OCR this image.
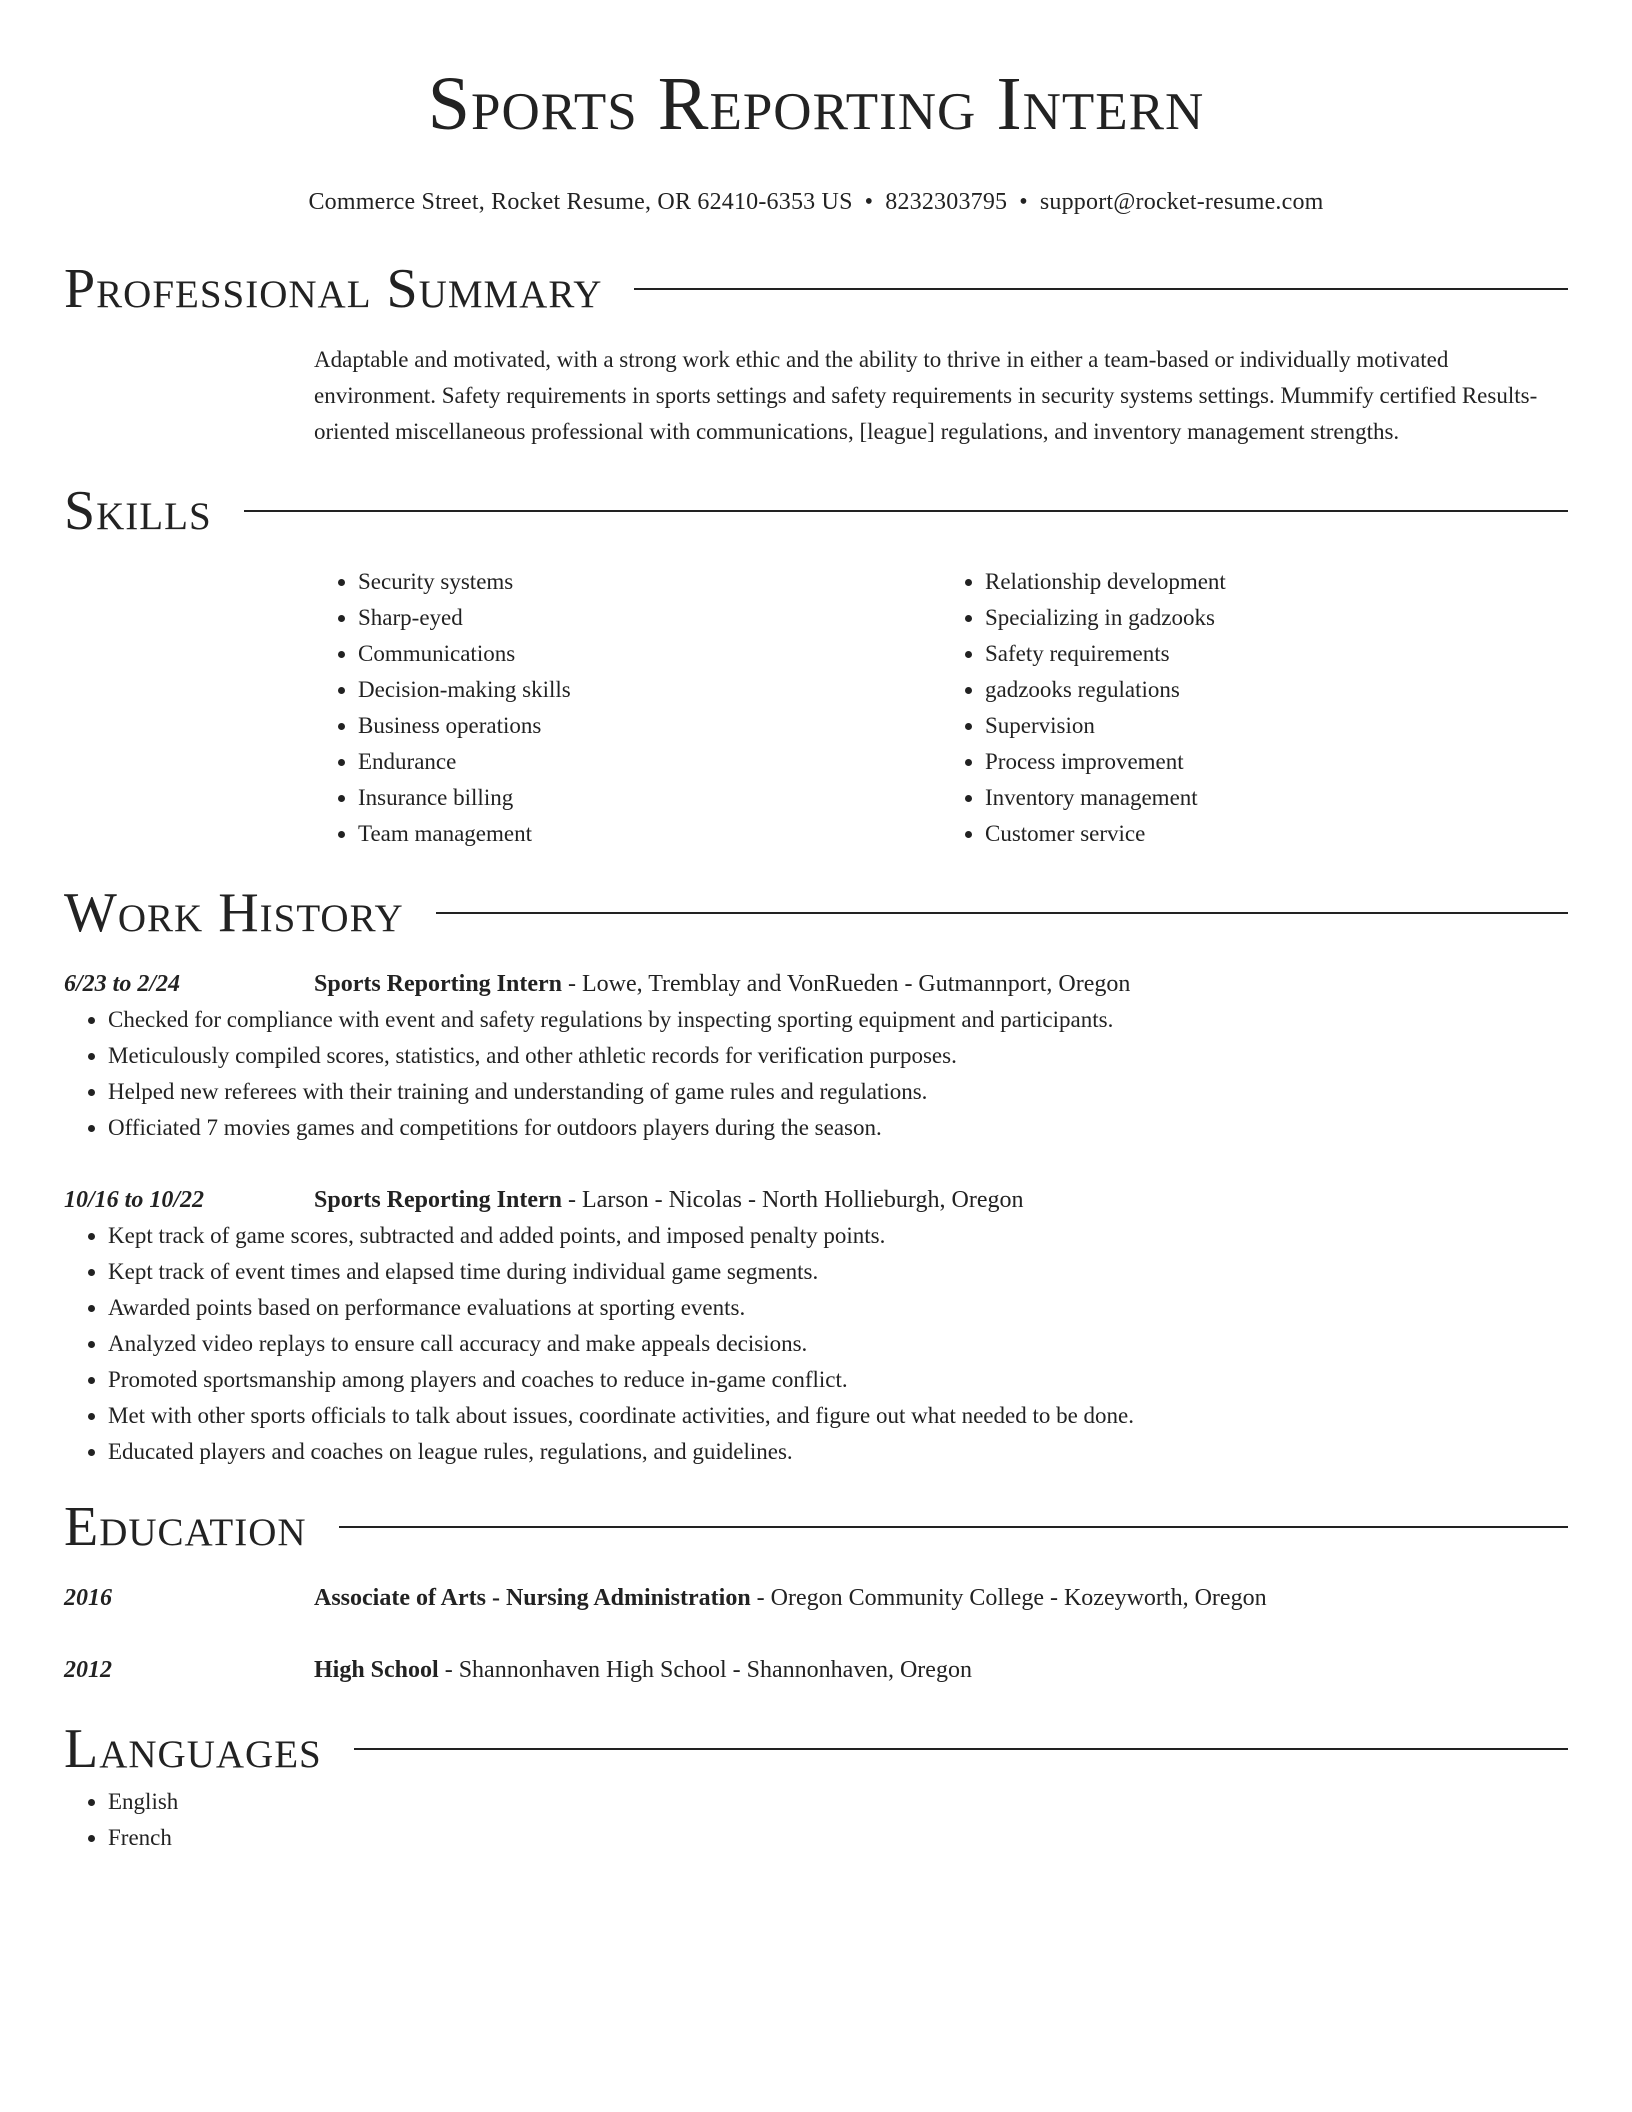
Sports Reporting Intern
Commerce Street, Rocket Resume, OR 62410-6353 US • 8232303795 • support@rocket-resume.com
Professional Summary

Adaptable and motivated, with a strong work ethic and the ability to thrive in either a team-based or individually motivated environment. Safety requirements in sports settings and safety requirements in security systems settings. Mummify certified Results-oriented miscellaneous professional with communications, [league] regulations, and inventory management strengths.

Skills
• Security systems
• Sharp-eyed
• Communications
• Decision-making skills
• Business operations
• Endurance
• Insurance billing
• Team management
• Relationship development
• Specializing in gadzooks
• Safety requirements
• gadzooks regulations
• Supervision
• Process improvement
• Inventory management
• Customer service
Work History
6/23 to 2/24	Sports Reporting Intern - Lowe, Tremblay and VonRueden - Gutmannport, Oregon
• Checked for compliance with event and safety regulations by inspecting sporting equipment and participants.
• Meticulously compiled scores, statistics, and other athletic records for verification purposes.
• Helped new referees with their training and understanding of game rules and regulations.
• Officiated 7 movies games and competitions for outdoors players during the season.
10/16 to 10/22	Sports Reporting Intern - Larson - Nicolas - North Hollieburgh, Oregon
• Kept track of game scores, subtracted and added points, and imposed penalty points.
• Kept track of event times and elapsed time during individual game segments.
• Awarded points based on performance evaluations at sporting events.
• Analyzed video replays to ensure call accuracy and make appeals decisions.
• Promoted sportsmanship among players and coaches to reduce in-game conflict.
• Met with other sports officials to talk about issues, coordinate activities, and figure out what needed to be done.
• Educated players and coaches on league rules, regulations, and guidelines.
Education
2016	Associate of Arts - Nursing Administration - Oregon Community College - Kozeyworth, Oregon
2012	High School - Shannonhaven High School - Shannonhaven, Oregon
Languages
• English
• French
